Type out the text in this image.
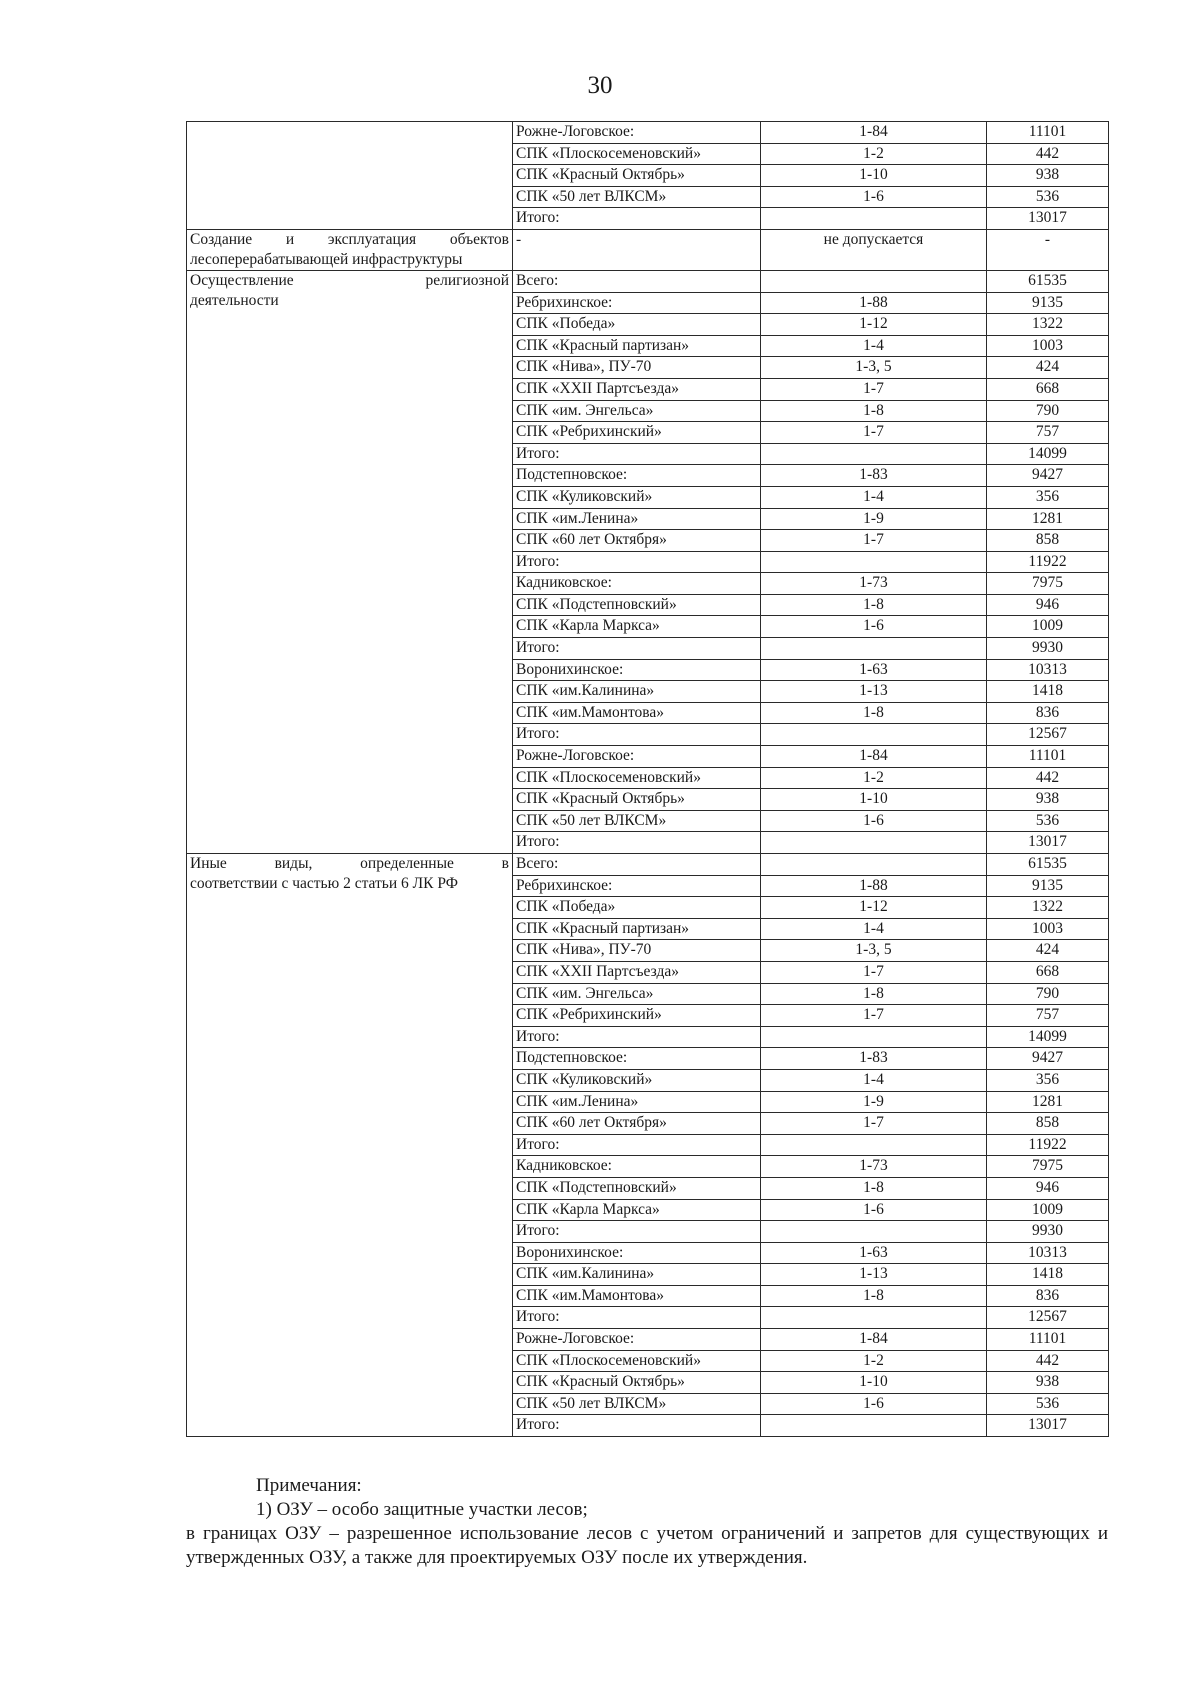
30
	Рожне-Логовское:	1-84	11101
	СПК «Плоскосеменовский»	1-2	442
	СПК «Красный Октябрь»	1-10	938
	СПК «50 лет ВЛКСМ»	1-6	536
	Итого:		13017

Создание и эксплуатация объектов
лесоперерабатывающей инфраструктуры	-	не допускается	-

Осуществление религиозной
деятельности	Всего:		61535
	Ребрихинское:	1-88	9135
	СПК «Победа»	1-12	1322
	СПК «Красный партизан»	1-4	1003
	СПК «Нива», ПУ-70	1-3, 5	424
	СПК «XXII Партсъезда»	1-7	668
	СПК «им. Энгельса»	1-8	790
	СПК «Ребрихинский»	1-7	757
	Итого:		14099
	Подстепновское:	1-83	9427
	СПК «Куликовский»	1-4	356
	СПК «им.Ленина»	1-9	1281
	СПК «60 лет Октября»	1-7	858
	Итого:		11922
	Кадниковское:	1-73	7975
	СПК «Подстепновский»	1-8	946
	СПК «Карла Маркса»	1-6	1009
	Итого:		9930
	Воронихинское:	1-63	10313
	СПК «им.Калинина»	1-13	1418
	СПК «им.Мамонтова»	1-8	836
	Итого:		12567
	Рожне-Логовское:	1-84	11101
	СПК «Плоскосеменовский»	1-2	442
	СПК «Красный Октябрь»	1-10	938
	СПК «50 лет ВЛКСМ»	1-6	536
	Итого:		13017

Иные виды, определенные в
соответствии с частью 2 статьи 6 ЛК РФ	Всего:		61535
	Ребрихинское:	1-88	9135
	СПК «Победа»	1-12	1322
	СПК «Красный партизан»	1-4	1003
	СПК «Нива», ПУ-70	1-3, 5	424
	СПК «XXII Партсъезда»	1-7	668
	СПК «им. Энгельса»	1-8	790
	СПК «Ребрихинский»	1-7	757
	Итого:		14099
	Подстепновское:	1-83	9427
	СПК «Куликовский»	1-4	356
	СПК «им.Ленина»	1-9	1281
	СПК «60 лет Октября»	1-7	858
	Итого:		11922
	Кадниковское:	1-73	7975
	СПК «Подстепновский»	1-8	946
	СПК «Карла Маркса»	1-6	1009
	Итого:		9930
	Воронихинское:	1-63	10313
	СПК «им.Калинина»	1-13	1418
	СПК «им.Мамонтова»	1-8	836
	Итого:		12567
	Рожне-Логовское:	1-84	11101
	СПК «Плоскосеменовский»	1-2	442
	СПК «Красный Октябрь»	1-10	938
	СПК «50 лет ВЛКСМ»	1-6	536
	Итого:		13017
Примечания:
1) ОЗУ – особо защитные участки лесов;
в границах ОЗУ – разрешенное использование лесов с учетом ограничений и запретов для существующих и утвержденных ОЗУ, а также для проектируемых ОЗУ после их утверждения.
